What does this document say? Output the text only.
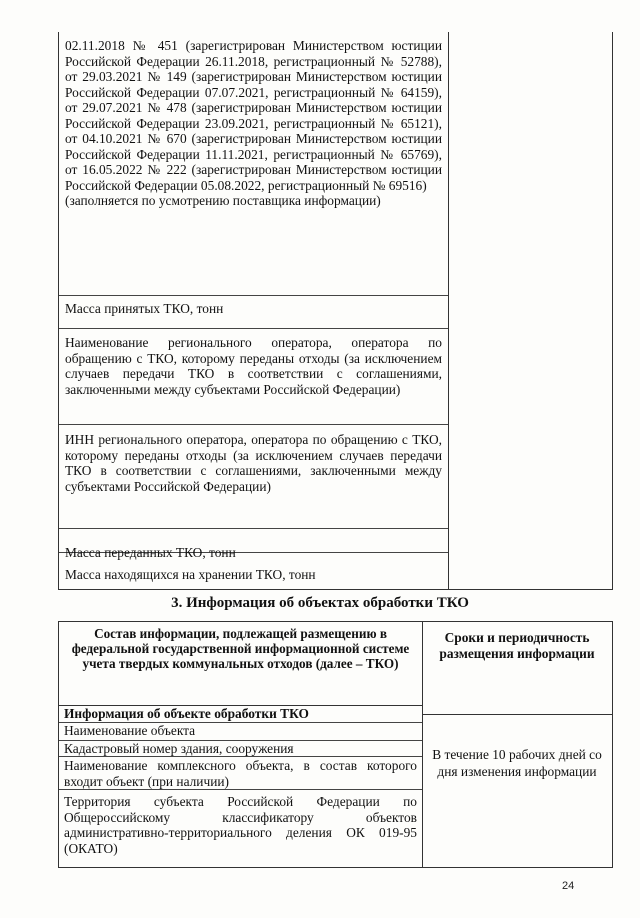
02.11.2018 № 451 (зарегистрирован Министерством юстиции Российской Федерации 26.11.2018, регистрационный № 52788), от 29.03.2021 № 149 (зарегистрирован Министерством юстиции Российской Федерации 07.07.2021, регистрационный № 64159), от 29.07.2021 № 478 (зарегистрирован Министерством юстиции Российской Федерации 23.09.2021, регистрационный № 65121), от 04.10.2021 № 670 (зарегистрирован Министерством юстиции Российской Федерации 11.11.2021, регистрационный № 65769), от 16.05.2022 № 222 (зарегистрирован Министерством юстиции Российской Федерации 05.08.2022, регистрационный № 69516)
(заполняется по усмотрению поставщика информации)
Масса принятых ТКО, тонн
Наименование регионального оператора, оператора по обращению с ТКО, которому переданы отходы (за исключением случаев передачи ТКО в соответствии с соглашениями, заключенными между субъектами Российской Федерации)
ИНН регионального оператора, оператора по обращению с ТКО, которому переданы отходы (за исключением случаев передачи ТКО в соответствии с соглашениями, заключенными между субъектами Российской Федерации)
Масса переданных ТКО, тонн
Масса находящихся на хранении ТКО, тонн
3. Информация об объектах обработки ТКО
Состав информации, подлежащей размещению в федеральной государственной информационной системе учета твердых коммунальных отходов (далее – ТКО)
Сроки и периодичность размещения информации
Информация об объекте обработки ТКО
Наименование объекта
Кадастровый номер здания, сооружения
Наименование комплексного объекта, в состав которого входит объект (при наличии)
Территория субъекта Российской Федерации по Общероссийскому классификатору объектов административно-территориального деления ОК 019-95 (ОКАТО)
В течение 10 рабочих дней со дня изменения информации
24
